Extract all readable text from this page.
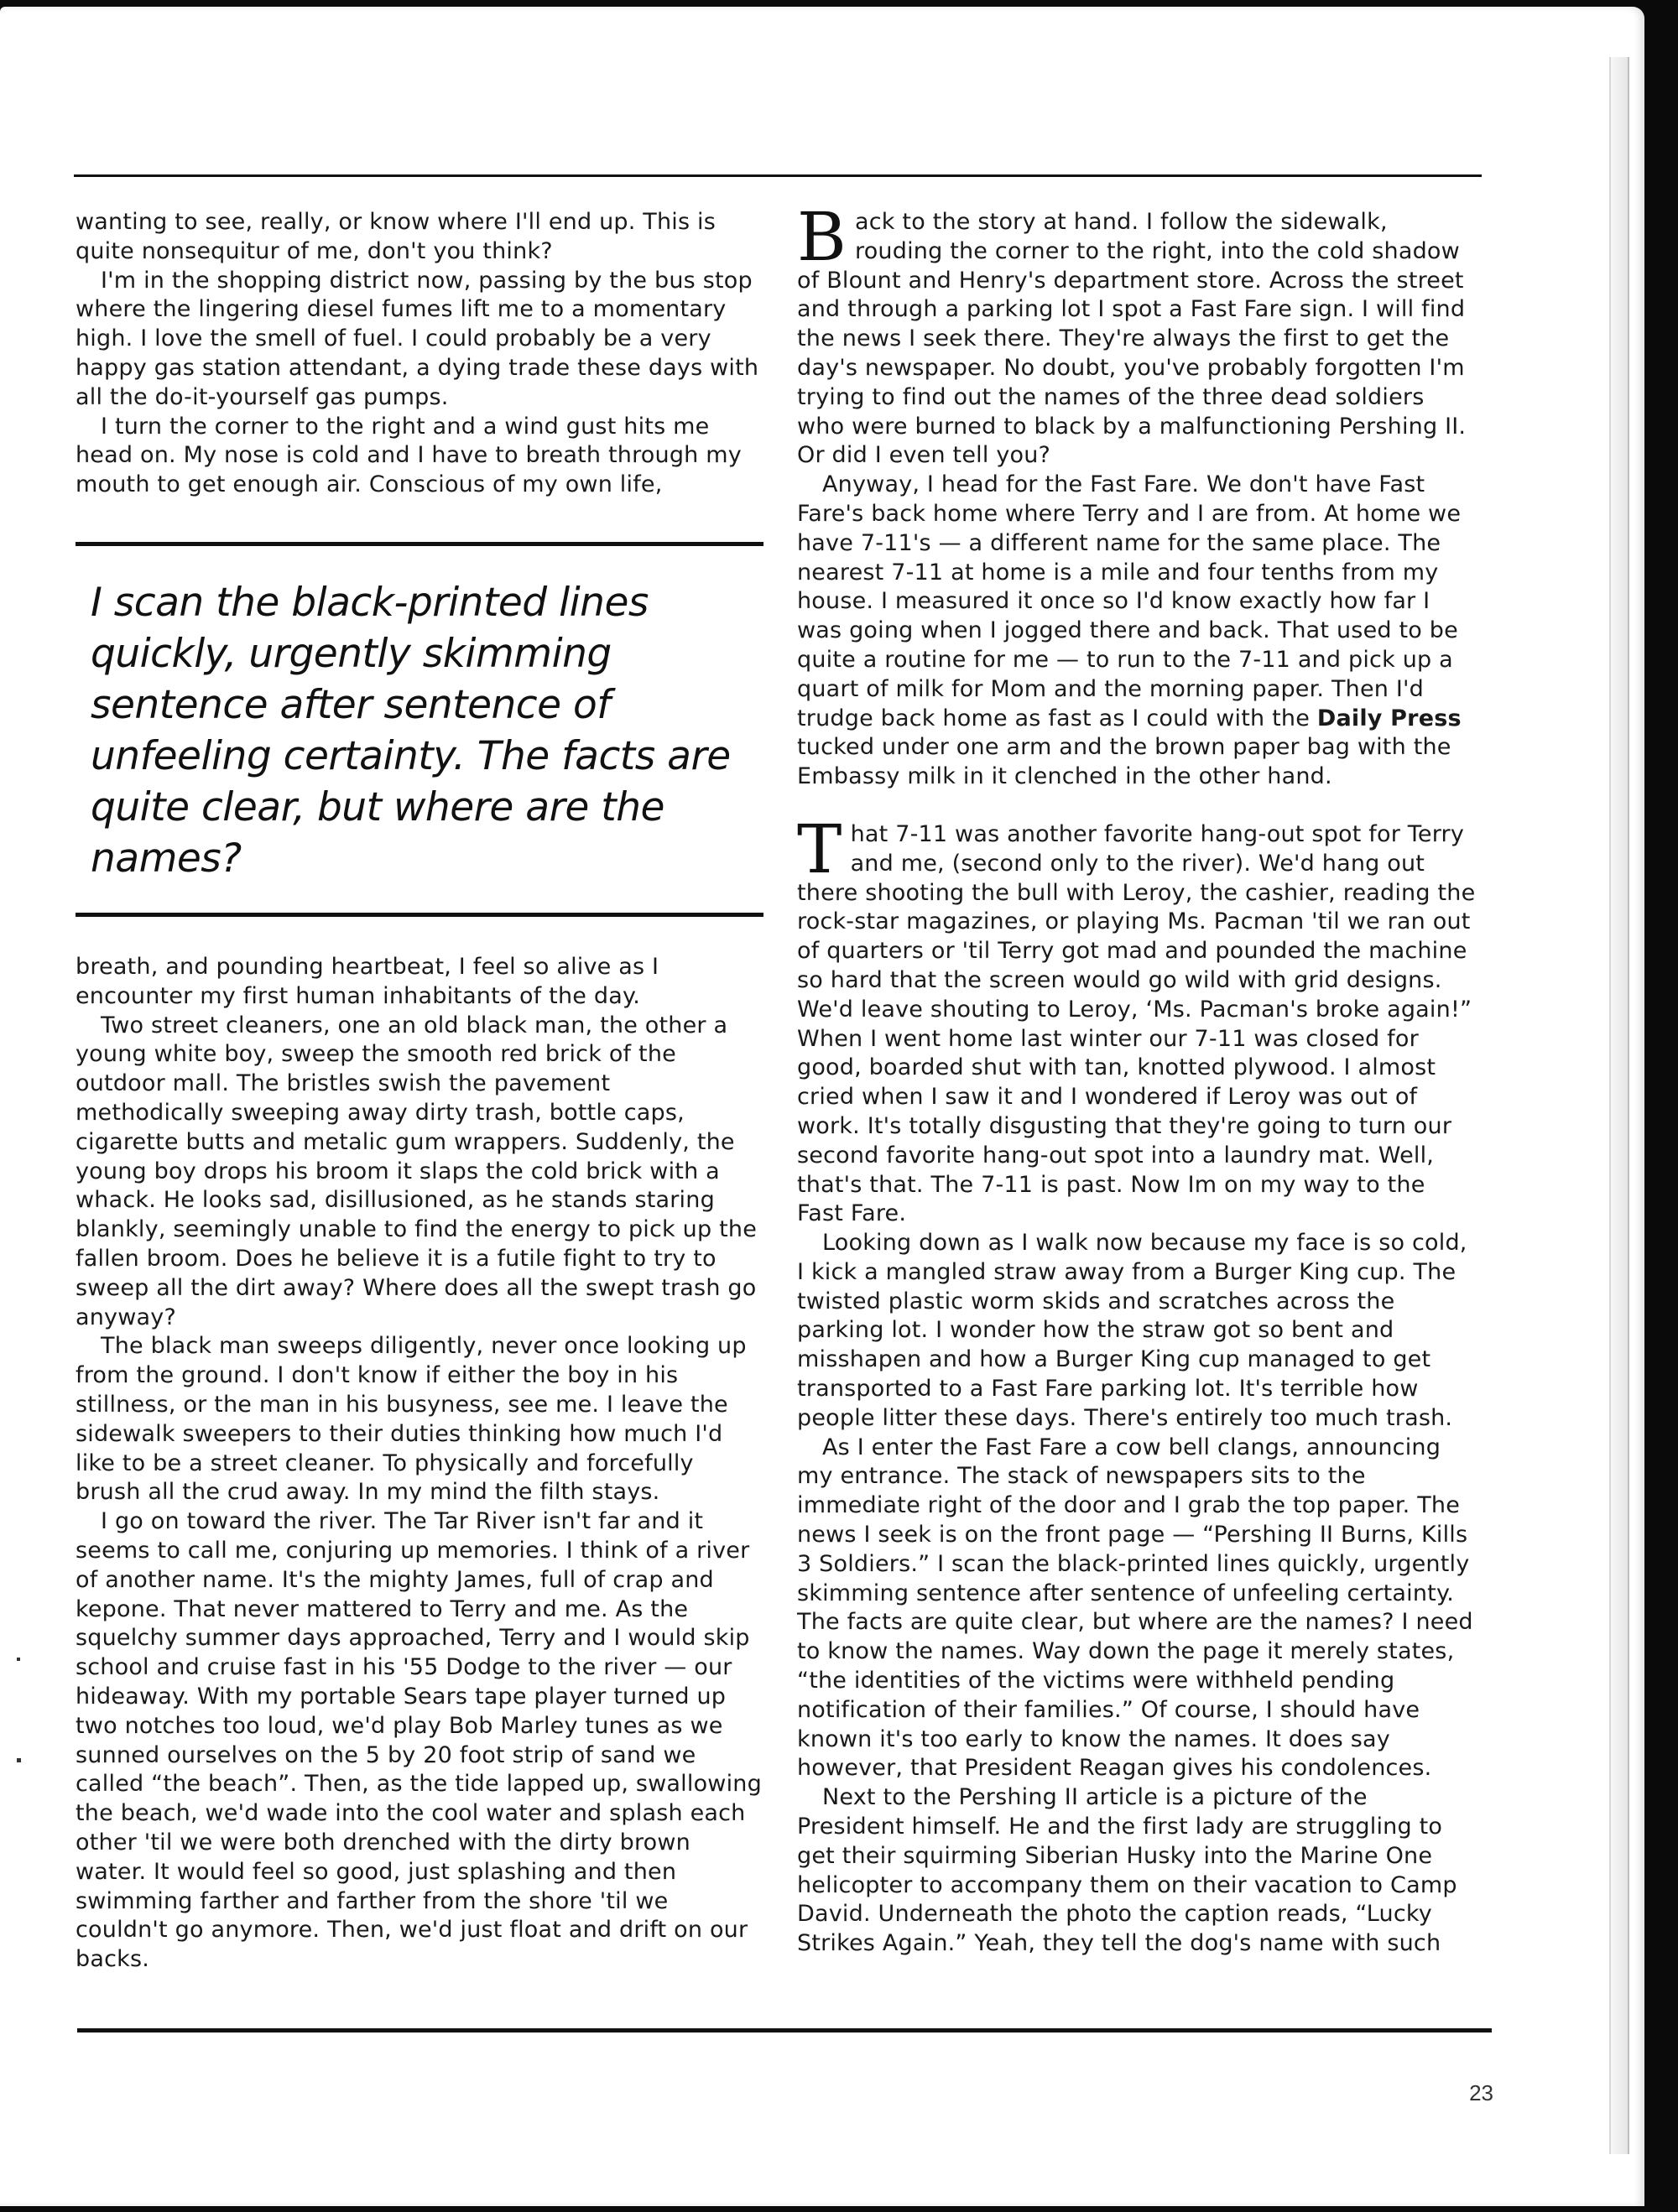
wanting to see, really, or know where I'll end up. This is quite nonsequitur of me, don't you think?

I'm in the shopping district now, passing by the bus stop where the lingering diesel fumes lift me to a momentary high. I love the smell of fuel. I could probably be a very happy gas station attendant, a dying trade these days with all the do-it-yourself gas pumps.

I turn the corner to the right and a wind gust hits me head on. My nose is cold and I have to breath through my mouth to get enough air. Conscious of my own life,

I scan the black-printed lines quickly, urgently skimming sentence after sentence of unfeeling certainty. The facts are quite clear, but where are the names?

breath, and pounding heartbeat, I feel so alive as I encounter my first human inhabitants of the day.

Two street cleaners, one an old black man, the other a young white boy, sweep the smooth red brick of the outdoor mall. The bristles swish the pavement methodically sweeping away dirty trash, bottle caps, cigarette butts and metalic gum wrappers. Suddenly, the young boy drops his broom it slaps the cold brick with a whack. He looks sad, disillusioned, as he stands staring blankly, seemingly unable to find the energy to pick up the fallen broom. Does he believe it is a futile fight to try to sweep all the dirt away? Where does all the swept trash go anyway?

The black man sweeps diligently, never once looking up from the ground. I don't know if either the boy in his stillness, or the man in his busyness, see me. I leave the sidewalk sweepers to their duties thinking how much I'd like to be a street cleaner. To physically and forcefully brush all the crud away. In my mind the filth stays.

I go on toward the river. The Tar River isn't far and it seems to call me, conjuring up memories. I think of a river of another name. It's the mighty James, full of crap and kepone. That never mattered to Terry and me. As the squelchy summer days approached, Terry and I would skip school and cruise fast in his '55 Dodge to the river — our hideaway. With my portable Sears tape player turned up two notches too loud, we'd play Bob Marley tunes as we sunned ourselves on the 5 by 20 foot strip of sand we called “the beach”. Then, as the tide lapped up, swallowing the beach, we'd wade into the cool water and splash each other 'til we were both drenched with the dirty brown water. It would feel so good, just splashing and then swimming farther and farther from the shore 'til we couldn't go anymore. Then, we'd just float and drift on our backs.

Back to the story at hand. I follow the sidewalk, rouding the corner to the right, into the cold shadow of Blount and Henry's department store. Across the street and through a parking lot I spot a Fast Fare sign. I will find the news I seek there. They're always the first to get the day's newspaper. No doubt, you've probably forgotten I'm trying to find out the names of the three dead soldiers who were burned to black by a malfunctioning Pershing II. Or did I even tell you?

Anyway, I head for the Fast Fare. We don't have Fast Fare's back home where Terry and I are from. At home we have 7-11's — a different name for the same place. The nearest 7-11 at home is a mile and four tenths from my house. I measured it once so I'd know exactly how far I was going when I jogged there and back. That used to be quite a routine for me — to run to the 7-11 and pick up a quart of milk for Mom and the morning paper. Then I'd trudge back home as fast as I could with the Daily Press tucked under one arm and the brown paper bag with the Embassy milk in it clenched in the other hand.

That 7-11 was another favorite hang-out spot for Terry and me, (second only to the river). We'd hang out there shooting the bull with Leroy, the cashier, reading the rock-star magazines, or playing Ms. Pacman 'til we ran out of quarters or 'til Terry got mad and pounded the machine so hard that the screen would go wild with grid designs. We'd leave shouting to Leroy, ‘Ms. Pacman's broke again!” When I went home last winter our 7-11 was closed for good, boarded shut with tan, knotted plywood. I almost cried when I saw it and I wondered if Leroy was out of work. It's totally disgusting that they're going to turn our second favorite hang-out spot into a laundry mat. Well, that's that. The 7-11 is past. Now Im on my way to the Fast Fare.

Looking down as I walk now because my face is so cold, I kick a mangled straw away from a Burger King cup. The twisted plastic worm skids and scratches across the parking lot. I wonder how the straw got so bent and misshapen and how a Burger King cup managed to get transported to a Fast Fare parking lot. It's terrible how people litter these days. There's entirely too much trash.

As I enter the Fast Fare a cow bell clangs, announcing my entrance. The stack of newspapers sits to the immediate right of the door and I grab the top paper. The news I seek is on the front page — “Pershing II Burns, Kills 3 Soldiers.” I scan the black-printed lines quickly, urgently skimming sentence after sentence of unfeeling certainty. The facts are quite clear, but where are the names? I need to know the names. Way down the page it merely states, “the identities of the victims were withheld pending notification of their families.” Of course, I should have known it's too early to know the names. It does say however, that President Reagan gives his condolences.

Next to the Pershing II article is a picture of the President himself. He and the first lady are struggling to get their squirming Siberian Husky into the Marine One helicopter to accompany them on their vacation to Camp David. Underneath the photo the caption reads, “Lucky Strikes Again.” Yeah, they tell the dog's name with such

23
